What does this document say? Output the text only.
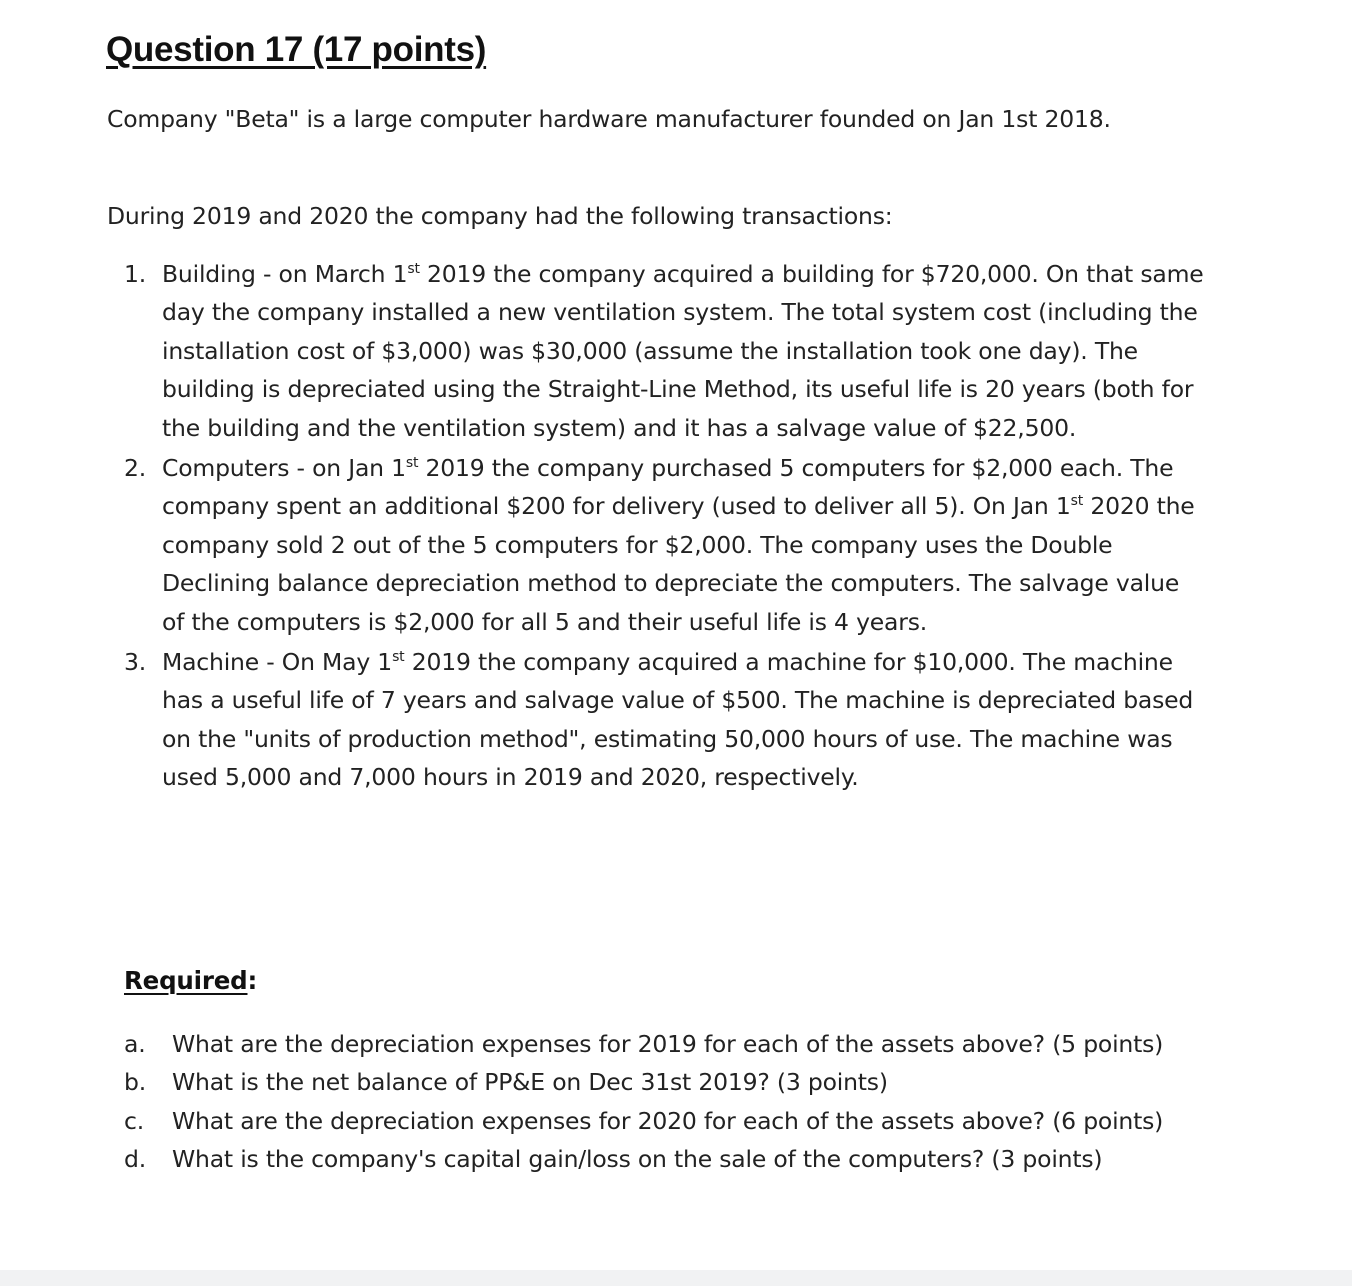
Question 17 (17 points)
Company "Beta" is a large computer hardware manufacturer founded on Jan 1st 2018.
During 2019 and 2020 the company had the following transactions:
1. Building - on March 1st 2019 the company acquired a building for $720,000. On that same day the company installed a new ventilation system. The total system cost (including the installation cost of $3,000) was $30,000 (assume the installation took one day). The building is depreciated using the Straight-Line Method, its useful life is 20 years (both for the building and the ventilation system) and it has a salvage value of $22,500.
2. Computers - on Jan 1st 2019 the company purchased 5 computers for $2,000 each. The company spent an additional $200 for delivery (used to deliver all 5). On Jan 1st 2020 the company sold 2 out of the 5 computers for $2,000. The company uses the Double Declining balance depreciation method to depreciate the computers. The salvage value of the computers is $2,000 for all 5 and their useful life is 4 years.
3. Machine - On May 1st 2019 the company acquired a machine for $10,000. The machine has a useful life of 7 years and salvage value of $500. The machine is depreciated based on the "units of production method", estimating 50,000 hours of use. The machine was used 5,000 and 7,000 hours in 2019 and 2020, respectively.
Required:
a. What are the depreciation expenses for 2019 for each of the assets above? (5 points)
b. What is the net balance of PP&E on Dec 31st 2019? (3 points)
c. What are the depreciation expenses for 2020 for each of the assets above? (6 points)
d. What is the company's capital gain/loss on the sale of the computers? (3 points)
